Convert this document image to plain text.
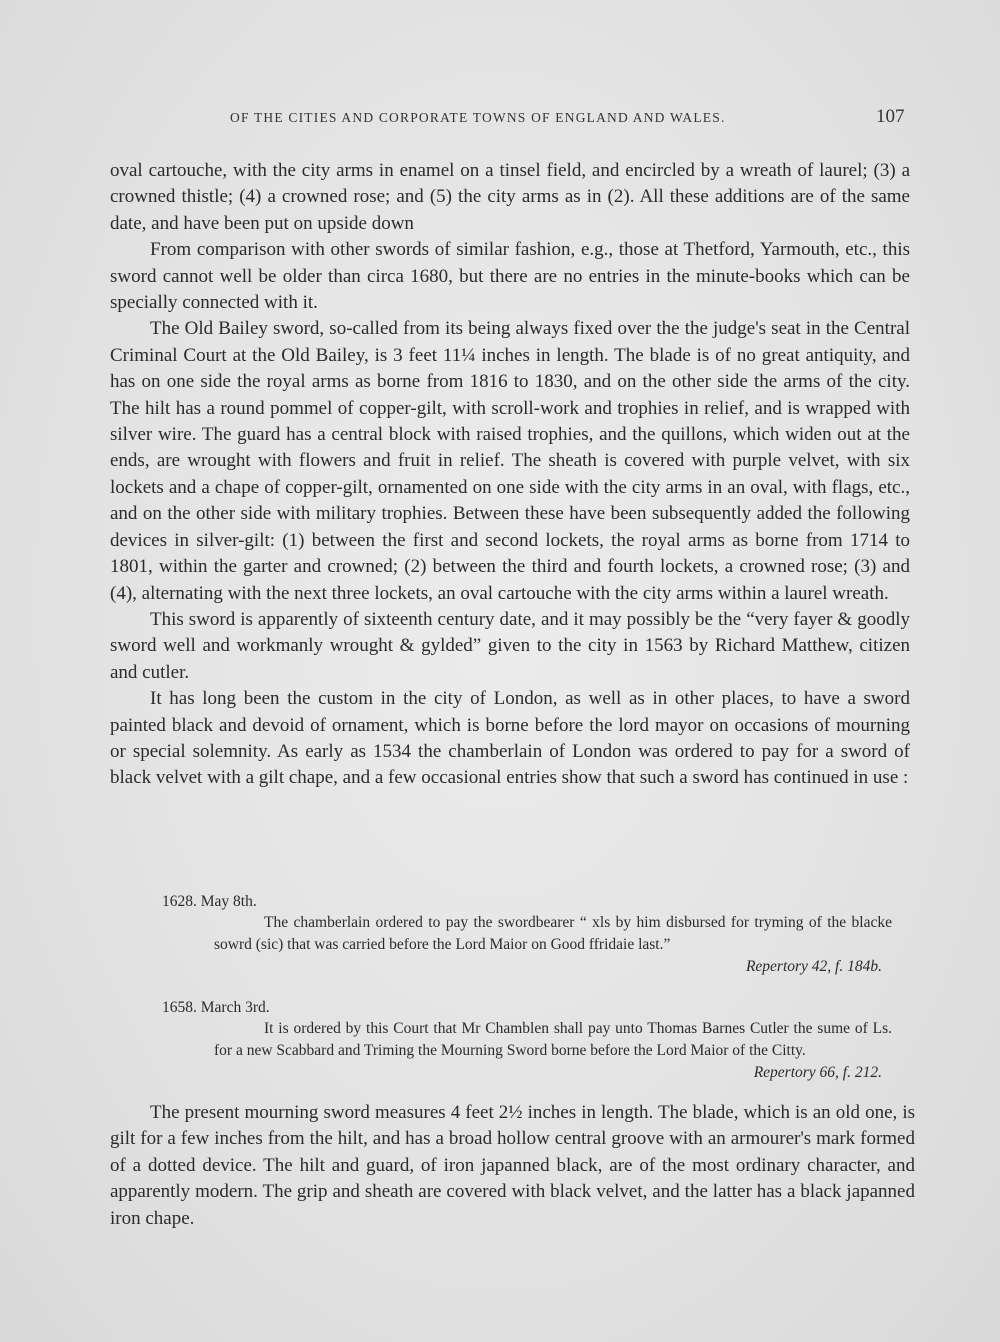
OF THE CITIES AND CORPORATE TOWNS OF ENGLAND AND WALES.	107

oval cartouche, with the city arms in enamel on a tinsel field, and encircled by a wreath of laurel; (3) a crowned thistle; (4) a crowned rose; and (5) the city arms as in (2). All these additions are of the same date, and have been put on upside down

From comparison with other swords of similar fashion, e.g., those at Thetford, Yarmouth, etc., this sword cannot well be older than circa 1680, but there are no entries in the minute-books which can be specially connected with it.

The Old Bailey sword, so-called from its being always fixed over the the judge's seat in the Central Criminal Court at the Old Bailey, is 3 feet 11¼ inches in length. The blade is of no great antiquity, and has on one side the royal arms as borne from 1816 to 1830, and on the other side the arms of the city. The hilt has a round pommel of copper-gilt, with scroll-work and trophies in relief, and is wrapped with silver wire. The guard has a central block with raised trophies, and the quillons, which widen out at the ends, are wrought with flowers and fruit in relief. The sheath is covered with purple velvet, with six lockets and a chape of copper-gilt, ornamented on one side with the city arms in an oval, with flags, etc., and on the other side with military trophies. Between these have been subsequently added the following devices in silver-gilt: (1) between the first and second lockets, the royal arms as borne from 1714 to 1801, within the garter and crowned; (2) between the third and fourth lockets, a crowned rose; (3) and (4), alternating with the next three lockets, an oval cartouche with the city arms within a laurel wreath.

This sword is apparently of sixteenth century date, and it may possibly be the “very fayer & goodly sword well and workmanly wrought & gylded” given to the city in 1563 by Richard Matthew, citizen and cutler.

It has long been the custom in the city of London, as well as in other places, to have a sword painted black and devoid of ornament, which is borne before the lord mayor on occasions of mourning or special solemnity. As early as 1534 the chamberlain of London was ordered to pay for a sword of black velvet with a gilt chape, and a few occasional entries show that such a sword has continued in use :

1628. May 8th.

The chamberlain ordered to pay the swordbearer “ xls by him disbursed for tryming of the blacke sowrd (sic) that was carried before the Lord Maior on Good ffridaie last.”

Repertory 42, f. 184b.
1658. March 3rd.

It is ordered by this Court that Mr Chamblen shall pay unto Thomas Barnes Cutler the sume of Ls. for a new Scabbard and Triming the Mourning Sword borne before the Lord Maior of the Citty.

Repertory 66, f. 212.

The present mourning sword measures 4 feet 2½ inches in length. The blade, which is an old one, is gilt for a few inches from the hilt, and has a broad hollow central groove with an armourer's mark formed of a dotted device. The hilt and guard, of iron japanned black, are of the most ordinary character, and apparently modern. The grip and sheath are covered with black velvet, and the latter has a black japanned iron chape.
